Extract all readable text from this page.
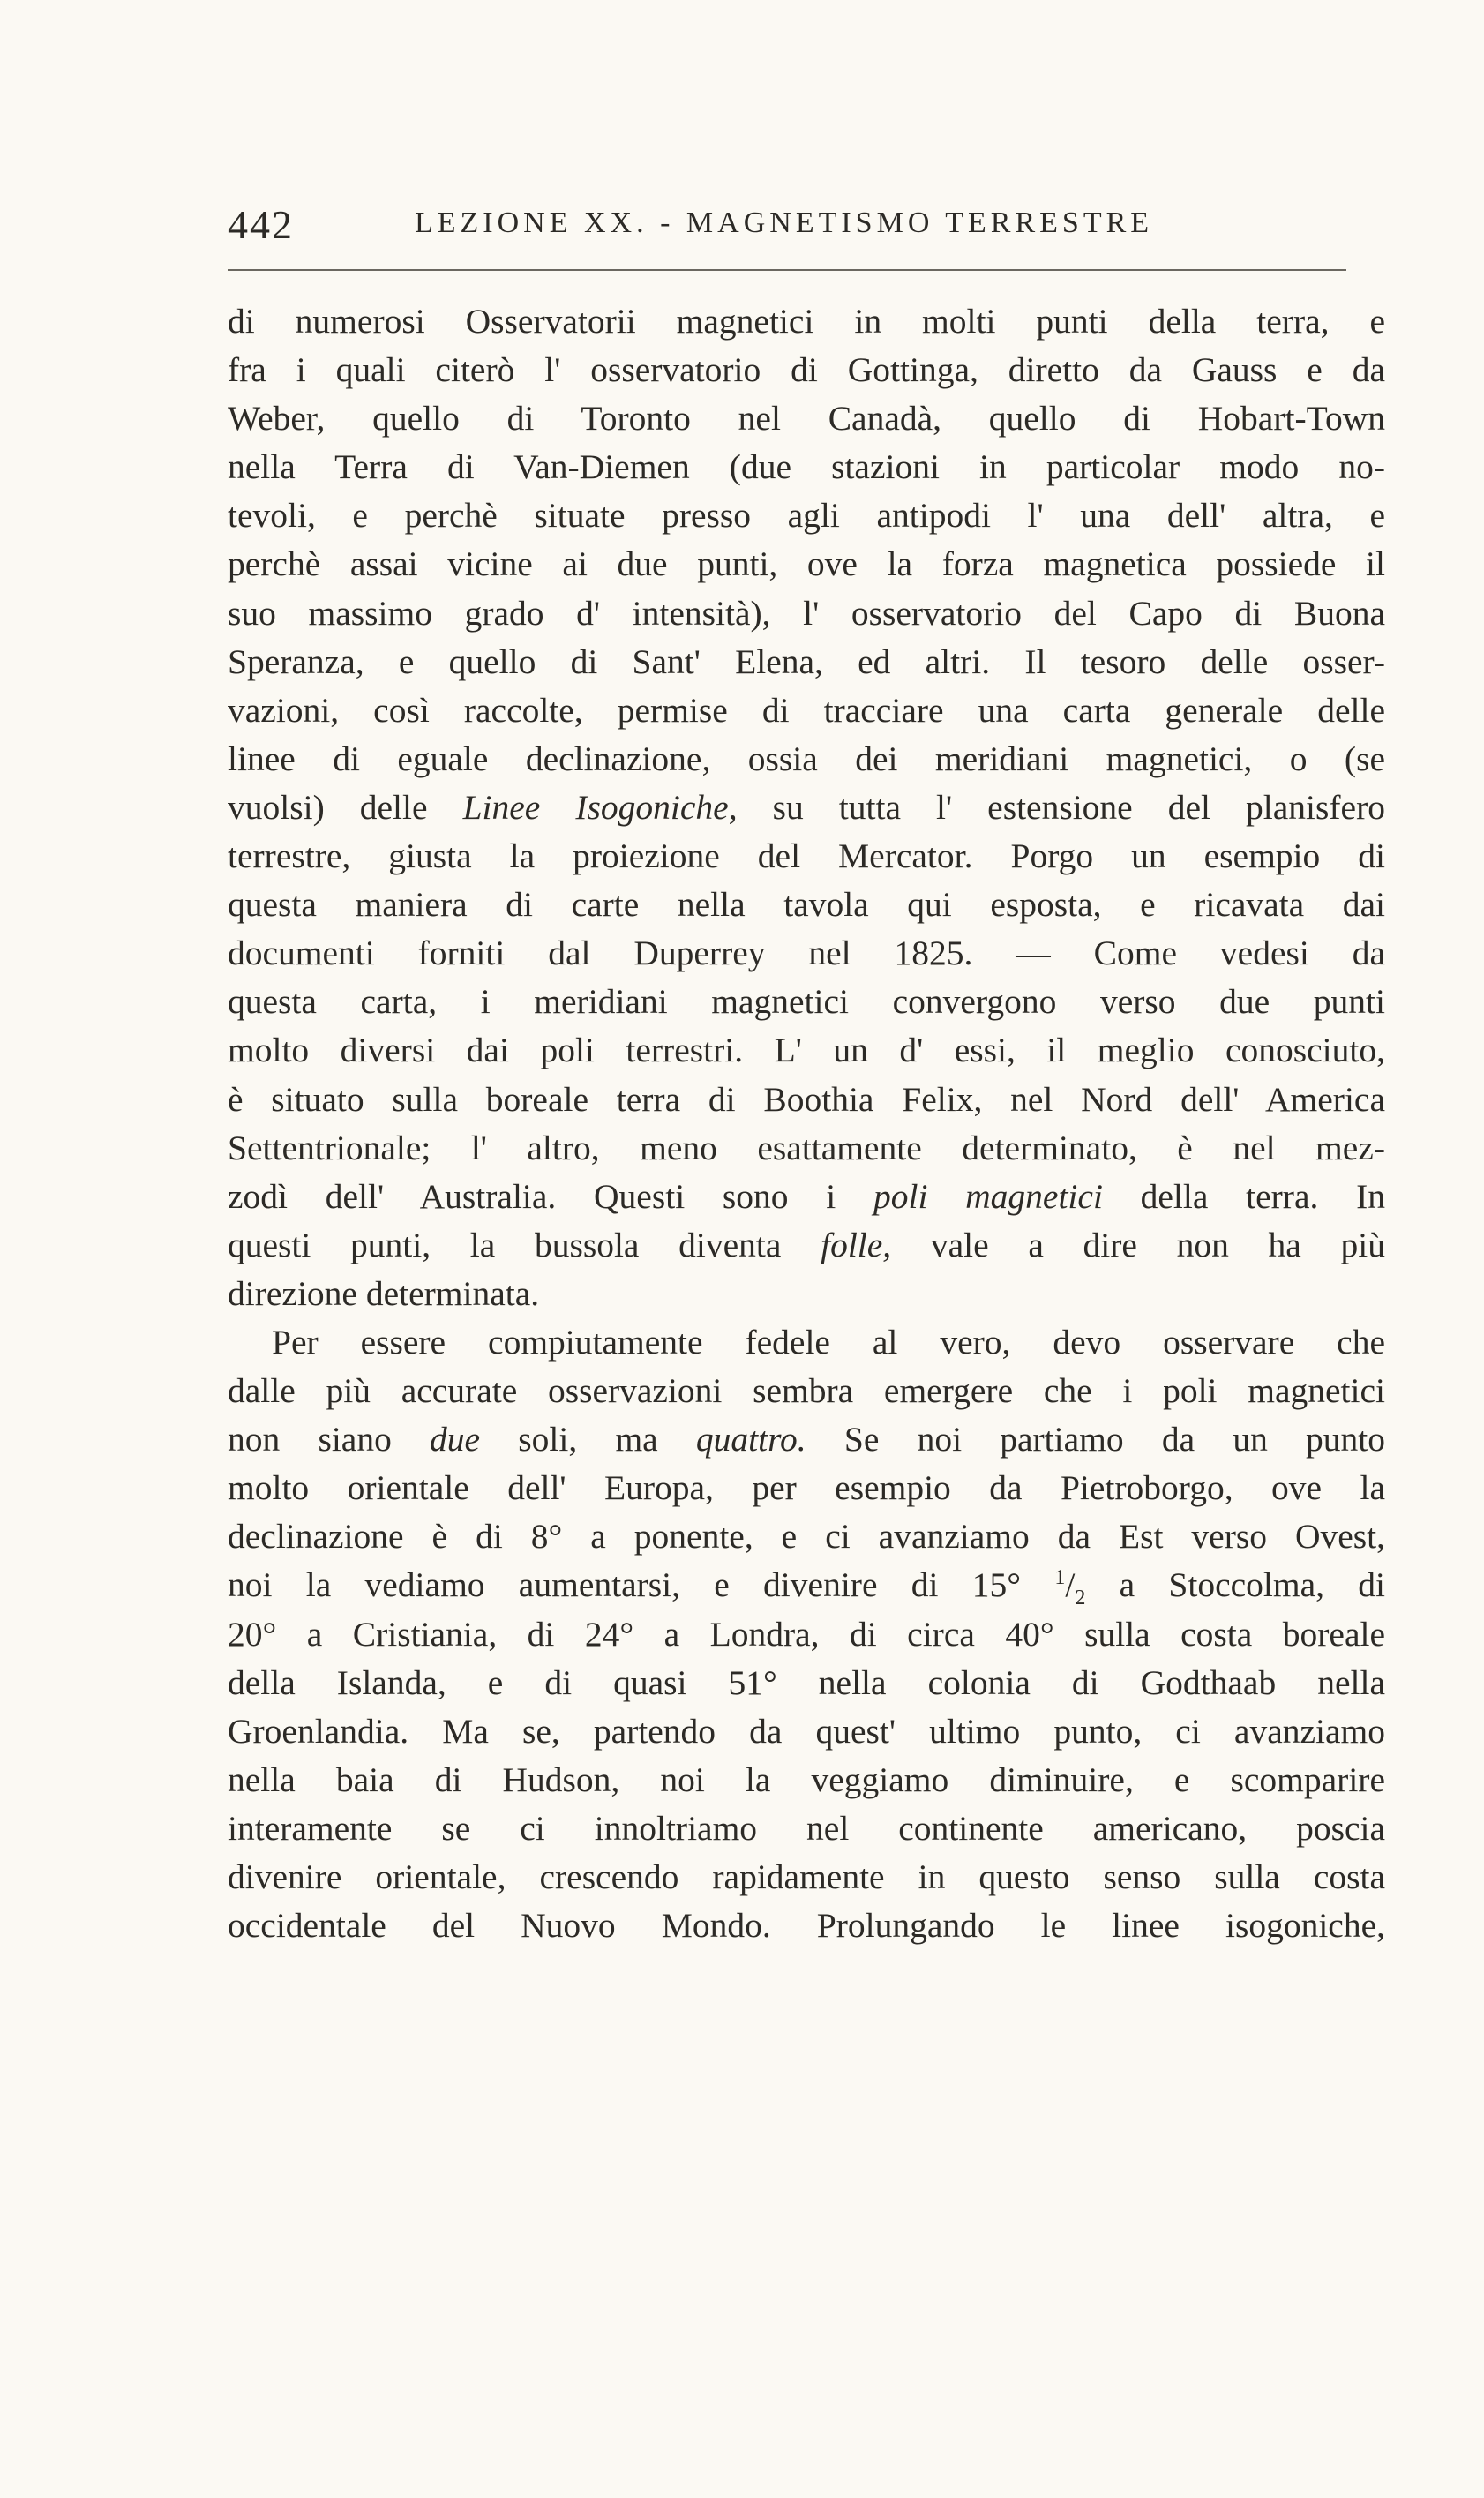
442	LEZIONE XX. - MAGNETISMO TERRESTRE
di numerosi Osservatorii magnetici in molti punti della terra, e
fra i quali citerò l' osservatorio di Gottinga, diretto da Gauss e da
Weber, quello di Toronto nel Canadà, quello di Hobart-Town
nella Terra di Van-Diemen (due stazioni in particolar modo no-
tevoli, e perchè situate presso agli antipodi l' una dell' altra, e
perchè assai vicine ai due punti, ove la forza magnetica possiede il
suo massimo grado d' intensità), l' osservatorio del Capo di Buona
Speranza, e quello di Sant' Elena, ed altri. Il tesoro delle osser-
vazioni, così raccolte, permise di tracciare una carta generale delle
linee di eguale declinazione, ossia dei meridiani magnetici, o (se
vuolsi) delle Linee Isogoniche, su tutta l' estensione del planisfero
terrestre, giusta la proiezione del Mercator. Porgo un esempio di
questa maniera di carte nella tavola qui esposta, e ricavata dai
documenti forniti dal Duperrey nel 1825. — Come vedesi da
questa carta, i meridiani magnetici convergono verso due punti
molto diversi dai poli terrestri. L' un d' essi, il meglio conosciuto,
è situato sulla boreale terra di Boothia Felix, nel Nord dell' America
Settentrionale; l' altro, meno esattamente determinato, è nel mez-
zodì dell' Australia. Questi sono i poli magnetici della terra. In
questi punti, la bussola diventa folle, vale a dire non ha più
direzione determinata.
Per essere compiutamente fedele al vero, devo osservare che
dalle più accurate osservazioni sembra emergere che i poli magnetici
non siano due soli, ma quattro. Se noi partiamo da un punto
molto orientale dell' Europa, per esempio da Pietroborgo, ove la
declinazione è di 8° a ponente, e ci avanziamo da Est verso Ovest,
noi la vediamo aumentarsi, e divenire di 15° $^1/_2$ a Stoccolma, di
20° a Cristiania, di 24° a Londra, di circa 40° sulla costa boreale
della Islanda, e di quasi 51° nella colonia di Godthaab nella
Groenlandia. Ma se, partendo da quest' ultimo punto, ci avanziamo
nella baia di Hudson, noi la veggiamo diminuire, e scomparire
interamente se ci innoltriamo nel continente americano, poscia
divenire orientale, crescendo rapidamente in questo senso sulla costa
occidentale del Nuovo Mondo. Prolungando le linee isogoniche,
